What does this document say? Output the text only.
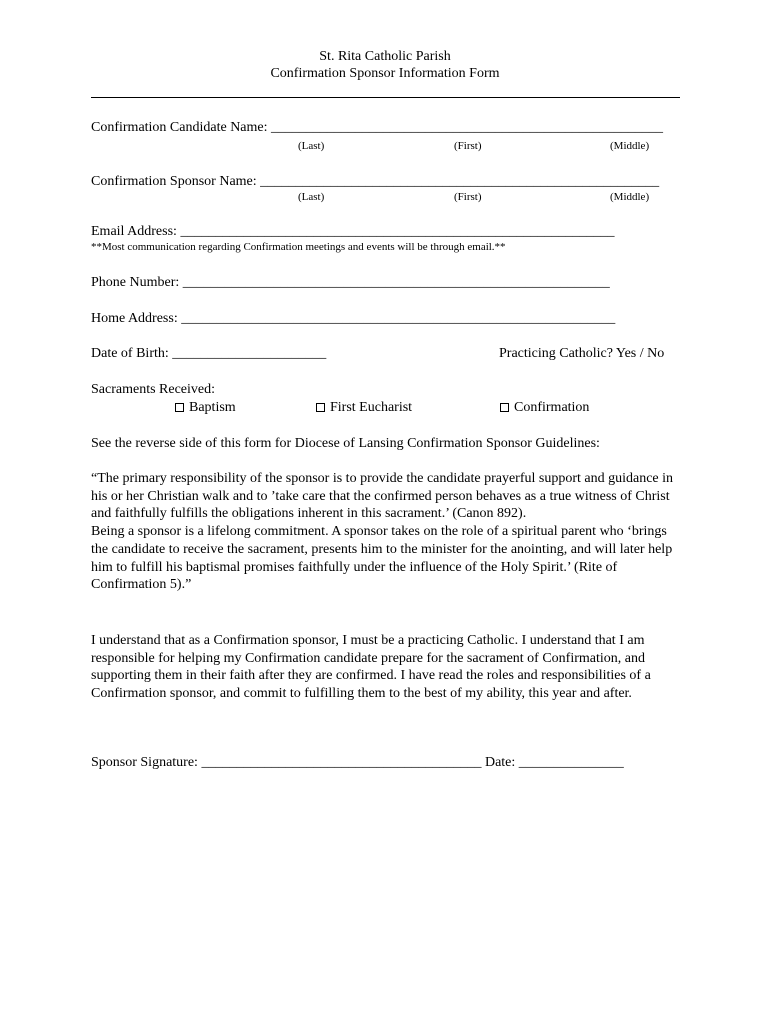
St. Rita Catholic Parish
Confirmation Sponsor Information Form
Confirmation Candidate Name: ________________________________________________________
(Last)	(First)	(Middle)
Confirmation Sponsor Name: _________________________________________________________
(Last)	(First)	(Middle)
Email Address: ______________________________________________________________
**Most communication regarding Confirmation meetings and events will be through email.**
Phone Number: _____________________________________________________________
Home Address: ______________________________________________________________
Date of Birth: ______________________	Practicing Catholic? Yes / No
Sacraments Received:
Baptism	First Eucharist	Confirmation
See the reverse side of this form for Diocese of Lansing Confirmation Sponsor Guidelines:

“The primary responsibility of the sponsor is to provide the candidate prayerful support and guidance in his or her Christian walk and to ’take care that the confirmed person behaves as a true witness of Christ and faithfully fulfills the obligations inherent in this sacrament.’ (Canon 892).

Being a sponsor is a lifelong commitment. A sponsor takes on the role of a spiritual parent who ‘brings the candidate to receive the sacrament, presents him to the minister for the anointing, and will later help him to fulfill his baptismal promises faithfully under the influence of the Holy Spirit.’ (Rite of Confirmation 5).”

I understand that as a Confirmation sponsor, I must be a practicing Catholic. I understand that I am responsible for helping my Confirmation candidate prepare for the sacrament of Confirmation, and supporting them in their faith after they are confirmed. I have read the roles and responsibilities of a Confirmation sponsor, and commit to fulfilling them to the best of my ability, this year and after.

Sponsor Signature: ________________________________________ Date: _______________
